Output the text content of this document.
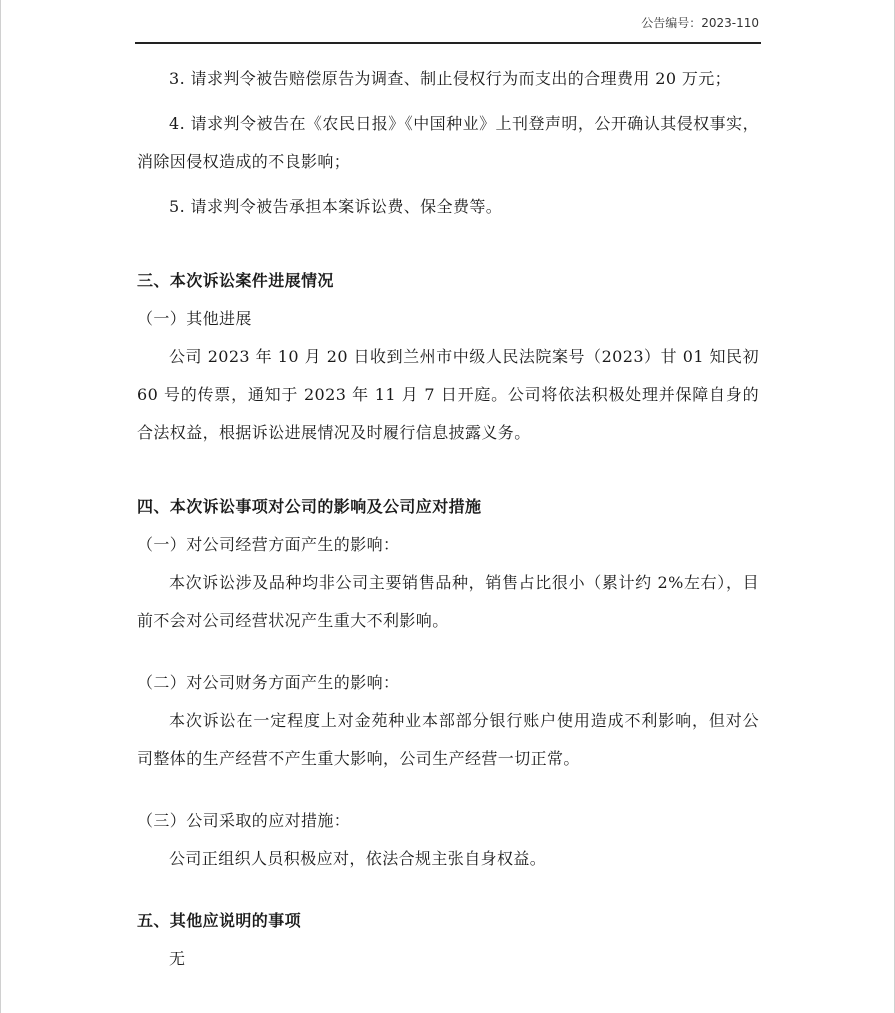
公告编号：2023-110

3. 请求判令被告赔偿原告为调查、制止侵权行为而支出的合理费用 20 万元；

4. 请求判令被告在《农民日报》《中国种业》上刊登声明，公开确认其侵权事实，消除因侵权造成的不良影响；

5. 请求判令被告承担本案诉讼费、保全费等。

三、本次诉讼案件进展情况

（一）其他进展

公司 2023 年 10 月 20 日收到兰州市中级人民法院案号（2023）甘 01 知民初 60 号的传票，通知于 2023 年 11 月 7 日开庭。公司将依法积极处理并保障自身的合法权益，根据诉讼进展情况及时履行信息披露义务。

四、本次诉讼事项对公司的影响及公司应对措施

（一）对公司经营方面产生的影响：

本次诉讼涉及品种均非公司主要销售品种，销售占比很小（累计约 2%左右），目前不会对公司经营状况产生重大不利影响。

（二）对公司财务方面产生的影响：

本次诉讼在一定程度上对金苑种业本部部分银行账户使用造成不利影响，但对公司整体的生产经营不产生重大影响，公司生产经营一切正常。

（三）公司采取的应对措施：

公司正组织人员积极应对，依法合规主张自身权益。

五、其他应说明的事项

无
